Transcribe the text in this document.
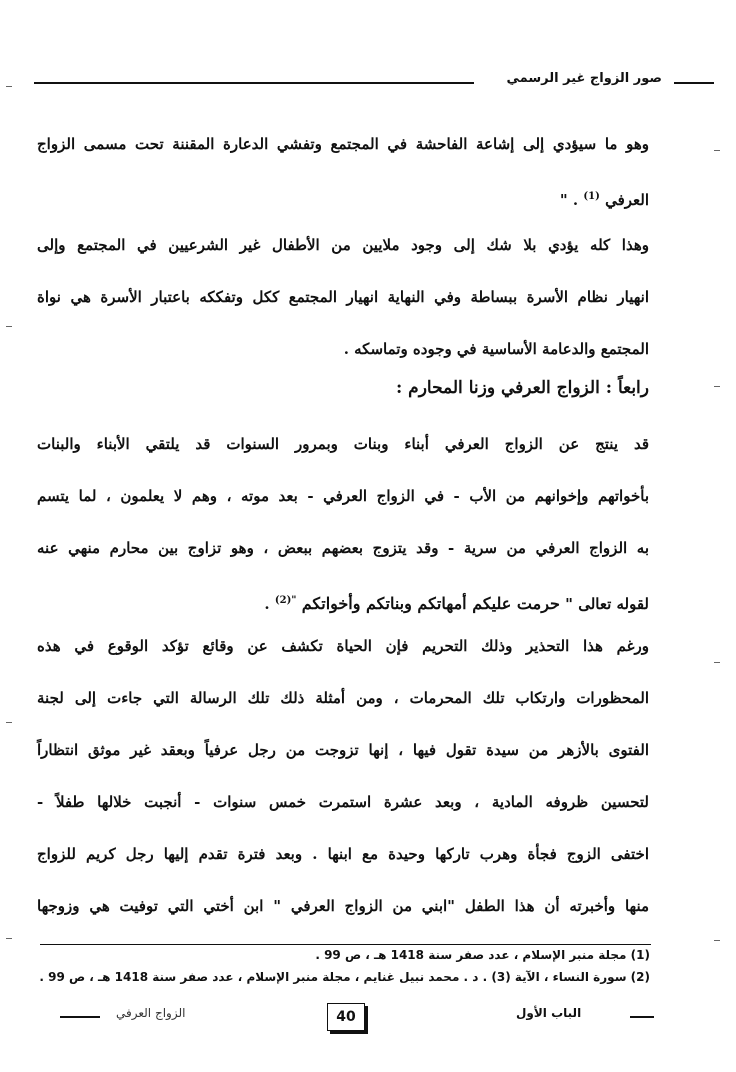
صور الزواج غير الرسمي
وهو ما سيؤدي إلى إشاعة الفاحشة في المجتمع وتفشي الدعارة المقننة تحت مسمى الزواج
العرفي $^{(1)}$ . "
وهذا كله يؤدي بلا شك إلى وجود ملايين من الأطفال غير الشرعيين في المجتمع وإلى
انهيار نظام الأسرة ببساطة وفي النهاية انهيار المجتمع ككل وتفككه باعتبار الأسرة هي نواة
المجتمع والدعامة الأساسية في وجوده وتماسكه .
رابعاً : الزواج العرفي وزنا المحارم :
قد ينتج عن الزواج العرفي أبناء وبنات وبمرور السنوات قد يلتقي الأبناء والبنات
بأخواتهم وإخوانهم من الأب - في الزواج العرفي - بعد موته ، وهم لا يعلمون ، لما يتسم
به الزواج العرفي من سرية - وقد يتزوج بعضهم ببعض ، وهو تزاوج بين محارم منهي عنه
لقوله تعالى " حرمت عليكم أمهاتكم وبناتكم وأخواتكم $^{"(2)}$ .
ورغم هذا التحذير وذلك التحريم فإن الحياة تكشف عن وقائع تؤكد الوقوع في هذه
المحظورات وارتكاب تلك المحرمات ، ومن أمثلة ذلك تلك الرسالة التي جاءت إلى لجنة
الفتوى بالأزهر من سيدة تقول فيها ، إنها تزوجت من رجل عرفياً وبعقد غير موثق انتظاراً
لتحسين ظروفه المادية ، وبعد عشرة استمرت خمس سنوات - أنجبت خلالها طفلاً -
اختفى الزوج فجأة وهرب تاركها وحيدة مع ابنها . وبعد فترة تقدم إليها رجل كريم للزواج
منها وأخبرته أن هذا الطفل "ابني من الزواج العرفي " ابن أختي التي توفيت هي وزوجها
(1) مجلة منبر الإسلام ، عدد صفر سنة 1418 هـ ، ص 99 .
(2) سورة النساء ، الآية (3) . د . محمد نبيل غنايم ، مجلة منبر الإسلام ، عدد صفر سنة 1418 هـ ، ص 99 .
الباب الأول
40
الزواج العرفي
